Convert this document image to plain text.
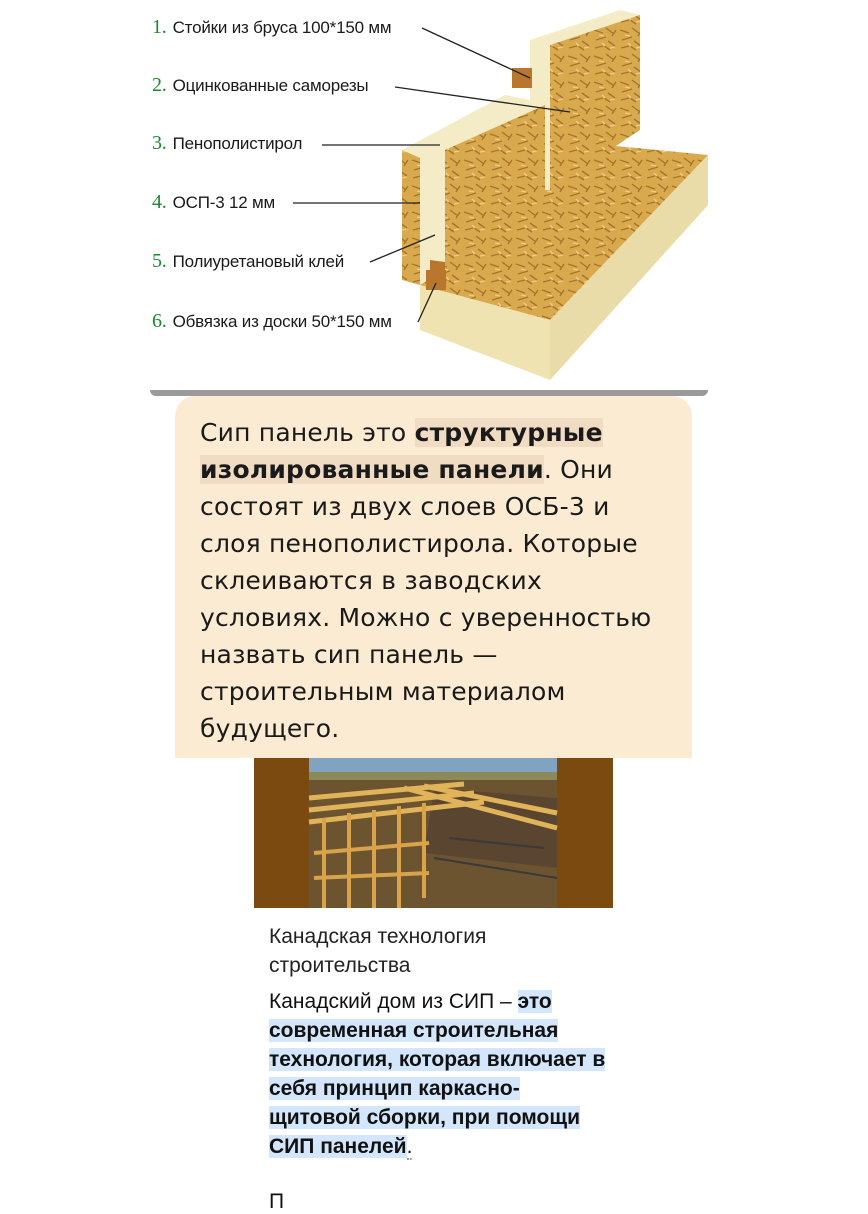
1. Стойки из бруса 100*150 мм
2. Оцинкованные саморезы
3. Пенополистирол
4. ОСП-3 12 мм
5. Полиуретановый клей
6. Обвязка из доски 50*150 мм
Сип панель это структурные изолированные панели. Они состоят из двух слоев ОСБ-3 и слоя пенополистирола. Которые склеиваются в заводских условиях. Можно с уверенностью назвать сип панель — строительным материалом будущего.
Канадская технология строительства
Канадский дом из СИП – это современная строительная технология, которая включает в себя принцип каркасно-щитовой сборки, при помощи СИП панелей.
П
